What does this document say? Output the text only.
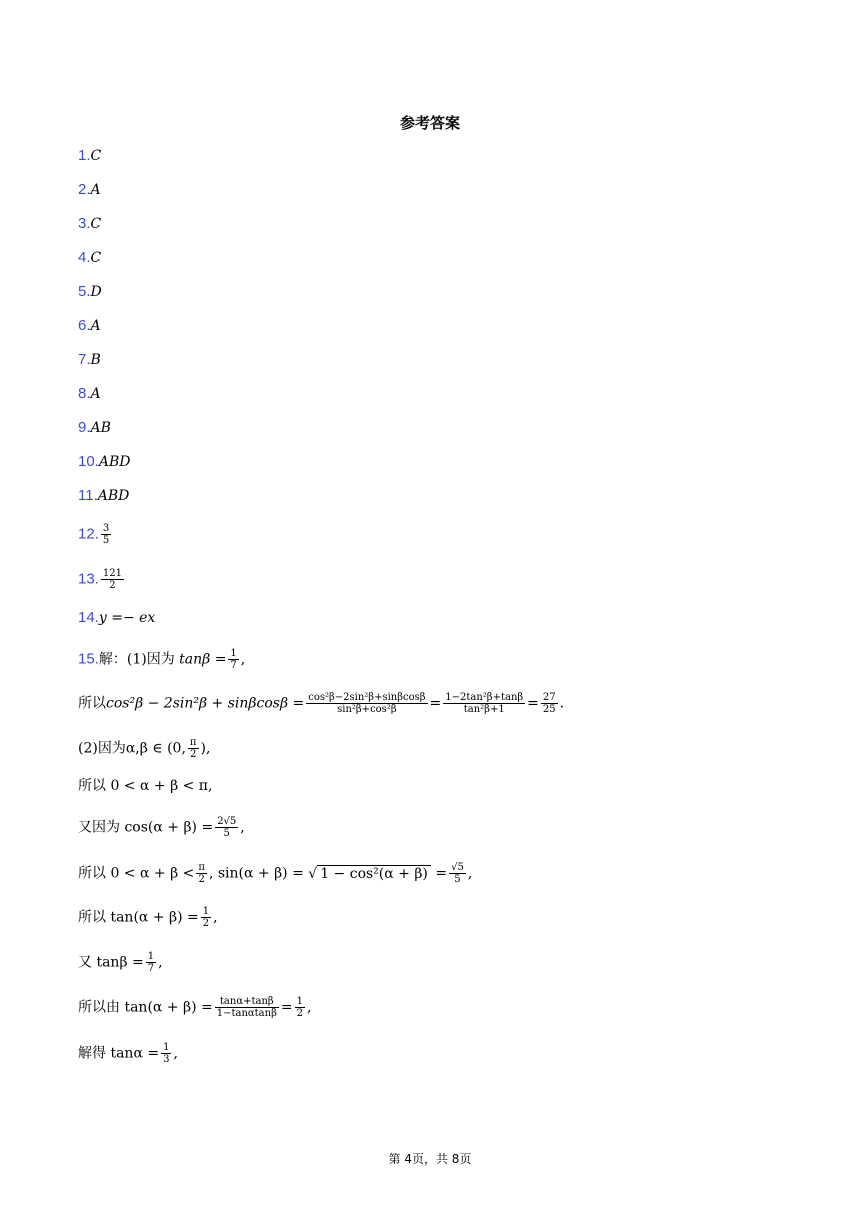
参考答案
1.C
2.A
3.C
4.C
5.D
6.A
7.B
8.A
9.AB
10.ABD
11.ABD
12. $\frac{3}{5}$
13. $\frac{121}{2}$
14.y =− ex
15.解：(1)因为 $\tan\beta = \frac{1}{7}$ ,
所以$\cos^2\beta - 2\sin^2\beta + \sin\beta\cos\beta = \frac{\text{cos²β−2sin²β+sinβcosβ}}{\text{sin²β+cos²β}} = \frac{\text{1−2tan²β+tanβ}}{\text{tan²β+1}} = \frac{27}{25}$ .
(2)因为α,β ∈ (0, $\frac{\pi}{2}$ ),
所以 0 < α + β < π,
又因为 $\cos(\alpha + \beta) = \frac{2√5}{5}$ ,
所以 $0 < \alpha + \beta < \frac{\pi}{2}$ , sin(α + β) = √ $1 - \cos^2(\alpha + \beta) = \frac{√5}{5}$ ,
所以 $\tan(\alpha + \beta) = \frac{1}{2}$ ,
又 $\tan\beta = \frac{1}{7}$ ,
所以由 $\tan(\alpha + \beta) = \frac{\tan\alpha+\tan\beta}{1-\tan\alpha\tan\beta} = \frac{1}{2}$ ,
解得 $\tan\alpha = \frac{1}{3}$ ,
第 4页，共 8页
